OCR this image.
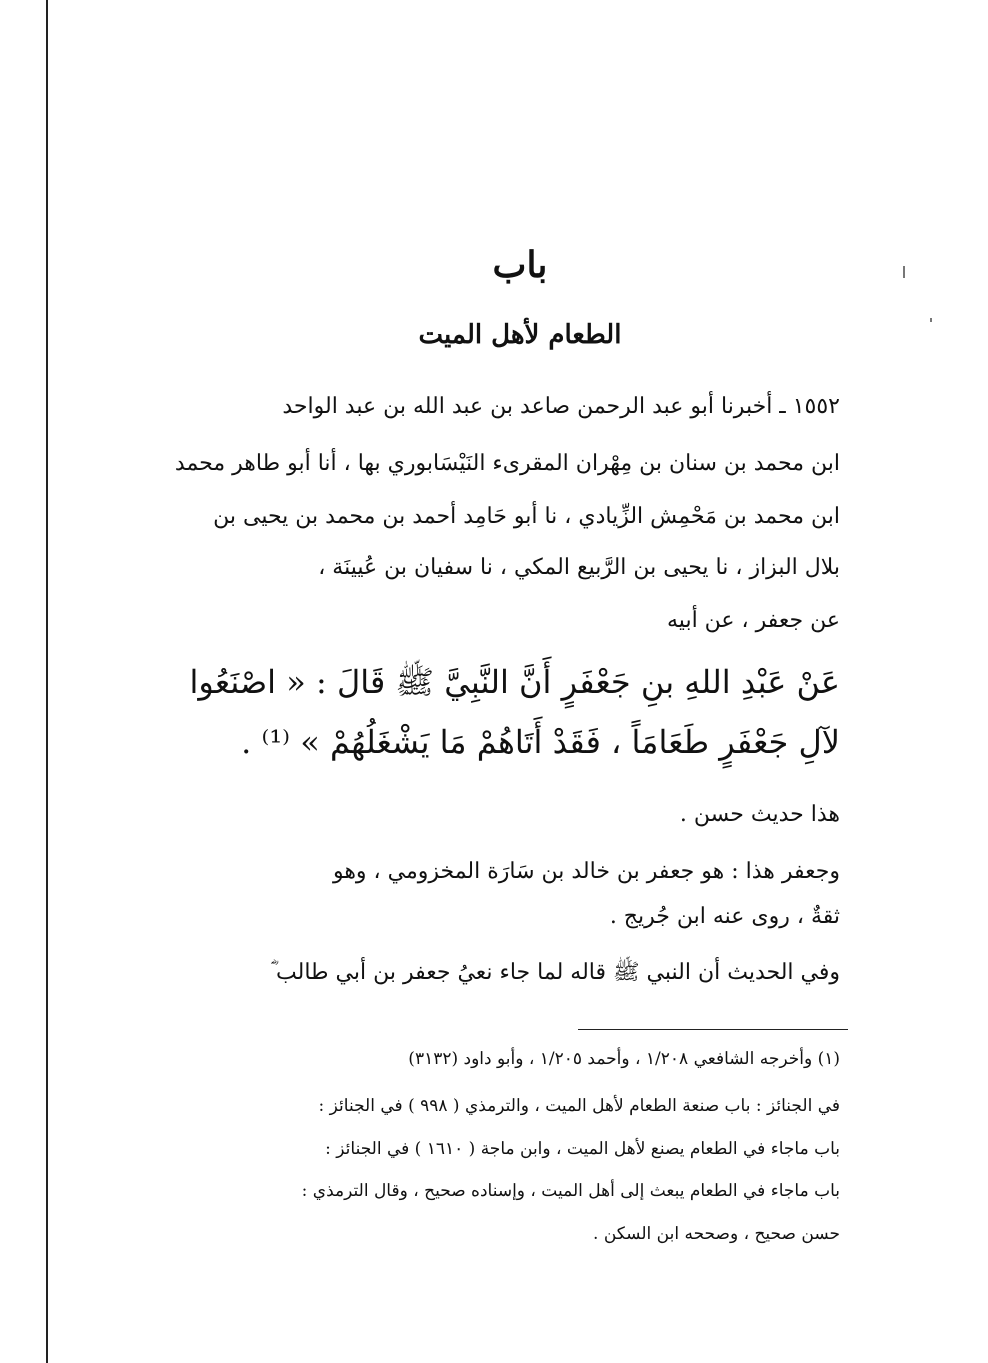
باب
الطعام لأهل الميت
١٥٥٢ ـ أخبرنا أبو عبد الرحمن صاعد بن عبد الله بن عبد الواحد
ابن محمد بن سنان بن مِهْران المقرىء النَيْسَابوري بها ، أنا أبو طاهر محمد
ابن محمد بن مَحْمِش الزِّيادي ، نا أبو حَامِد أحمد بن محمد بن يحيى بن
بلال البزاز ، نا يحيى بن الرَّبيع المكي ، نا سفيان بن عُيينَة ،
عن جعفر ، عن أبيه
عَنْ عَبْدِ اللهِ بنِ جَعْفَرٍ أَنَّ النَّبِيَّ ﷺ قَالَ : « اصْنَعُوا
لآلِ جَعْفَرٍ طَعَامَاً ، فَقَدْ أَتَاهُمْ مَا يَشْغَلُهُمْ » ⁽¹⁾ .
هذا حديث حسن .
وجعفر هذا : هو جعفر بن خالد بن سَارَة المخزومي ، وهو
ثقةٌ ، روى عنه ابن جُريج .
وفي الحديث أن النبي ﷺ قاله لما جاء نعيُ جعفر بن أبي طالب ؓ
(١) وأخرجه الشافعي ١/٢٠٨ ، وأحمد ١/٢٠٥ ، وأبو داود (٣١٣٢)
في الجنائز : باب صنعة الطعام لأهل الميت ، والترمذي ( ٩٩٨ ) في الجنائز :
باب ماجاء في الطعام يصنع لأهل الميت ، وابن ماجة ( ١٦١٠ ) في الجنائز :
باب ماجاء في الطعام يبعث إلى أهل الميت ، وإسناده صحيح ، وقال الترمذي :
حسن صحيح ، وصححه ابن السكن .
